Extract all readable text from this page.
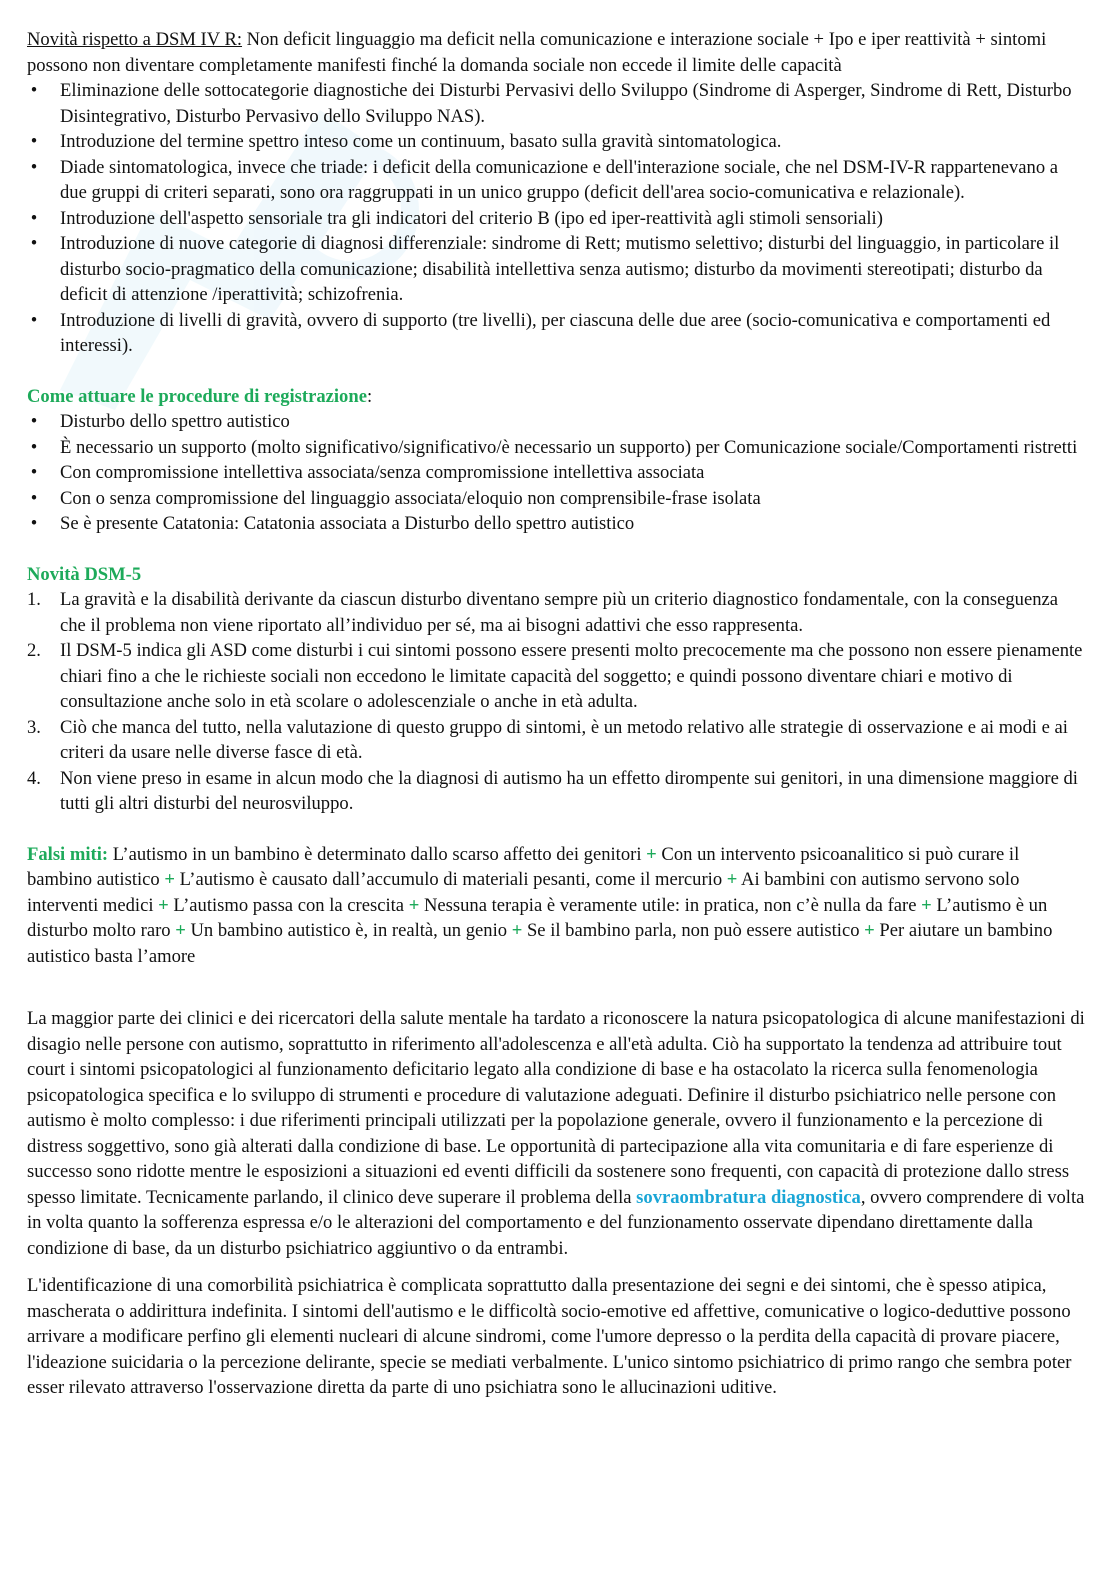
Novità rispetto a DSM IV R: Non deficit linguaggio ma deficit nella comunicazione e interazione sociale + Ipo e iper reattività + sintomi possono non diventare completamente manifesti finché la domanda sociale non eccede il limite delle capacità

• Eliminazione delle sottocategorie diagnostiche dei Disturbi Pervasivi dello Sviluppo (Sindrome di Asperger, Sindrome di Rett, Disturbo Disintegrativo, Disturbo Pervasivo dello Sviluppo NAS).
• Introduzione del termine spettro inteso come un continuum, basato sulla gravità sintomatologica.
• Diade sintomatologica, invece che triade: i deficit della comunicazione e dell'interazione sociale, che nel DSM-IV-R rappartenevano a due gruppi di criteri separati, sono ora raggruppati in un unico gruppo (deficit dell'area socio-comunicativa e relazionale).
• Introduzione dell'aspetto sensoriale tra gli indicatori del criterio B (ipo ed iper-reattività agli stimoli sensoriali)
• Introduzione di nuove categorie di diagnosi differenziale: sindrome di Rett; mutismo selettivo; disturbi del linguaggio, in particolare il disturbo socio-pragmatico della comunicazione; disabilità intellettiva senza autismo; disturbo da movimenti stereotipati; disturbo da deficit di attenzione /iperattività; schizofrenia.
• Introduzione di livelli di gravità, ovvero di supporto (tre livelli), per ciascuna delle due aree (socio-comunicativa e comportamenti ed interessi).

Come attuare le procedure di registrazione:

• Disturbo dello spettro autistico
• È necessario un supporto (molto significativo/significativo/è necessario un supporto) per Comunicazione sociale/Comportamenti ristretti
• Con compromissione intellettiva associata/senza compromissione intellettiva associata
• Con o senza compromissione del linguaggio associata/eloquio non comprensibile-frase isolata
• Se è presente Catatonia: Catatonia associata a Disturbo dello spettro autistico

Novità DSM-5

1. La gravità e la disabilità derivante da ciascun disturbo diventano sempre più un criterio diagnostico fondamentale, con la conseguenza che il problema non viene riportato all’individuo per sé, ma ai bisogni adattivi che esso rappresenta.
2. Il DSM-5 indica gli ASD come disturbi i cui sintomi possono essere presenti molto precocemente ma che possono non essere pienamente chiari fino a che le richieste sociali non eccedono le limitate capacità del soggetto; e quindi possono diventare chiari e motivo di consultazione anche solo in età scolare o adolescenziale o anche in età adulta.
3. Ciò che manca del tutto, nella valutazione di questo gruppo di sintomi, è un metodo relativo alle strategie di osservazione e ai modi e ai criteri da usare nelle diverse fasce di età.
4. Non viene preso in esame in alcun modo che la diagnosi di autismo ha un effetto dirompente sui genitori, in una dimensione maggiore di tutti gli altri disturbi del neurosviluppo.

Falsi miti: L’autismo in un bambino è determinato dallo scarso affetto dei genitori + Con un intervento psicoanalitico si può curare il bambino autistico + L’autismo è causato dall’accumulo di materiali pesanti, come il mercurio + Ai bambini con autismo servono solo interventi medici + L’autismo passa con la crescita + Nessuna terapia è veramente utile: in pratica, non c’è nulla da fare + L’autismo è un disturbo molto raro + Un bambino autistico è, in realtà, un genio + Se il bambino parla, non può essere autistico + Per aiutare un bambino autistico basta l’amore

La maggior parte dei clinici e dei ricercatori della salute mentale ha tardato a riconoscere la natura psicopatologica di alcune manifestazioni di disagio nelle persone con autismo, soprattutto in riferimento all'adolescenza e all'età adulta. Ciò ha supportato la tendenza ad attribuire tout court i sintomi psicopatologici al funzionamento deficitario legato alla condizione di base e ha ostacolato la ricerca sulla fenomenologia psicopatologica specifica e lo sviluppo di strumenti e procedure di valutazione adeguati. Definire il disturbo psichiatrico nelle persone con autismo è molto complesso: i due riferimenti principali utilizzati per la popolazione generale, ovvero il funzionamento e la percezione di distress soggettivo, sono già alterati dalla condizione di base. Le opportunità di partecipazione alla vita comunitaria e di fare esperienze di successo sono ridotte mentre le esposizioni a situazioni ed eventi difficili da sostenere sono frequenti, con capacità di protezione dallo stress spesso limitate. Tecnicamente parlando, il clinico deve superare il problema della sovraombratura diagnostica, ovvero comprendere di volta in volta quanto la sofferenza espressa e/o le alterazioni del comportamento e del funzionamento osservate dipendano direttamente dalla condizione di base, da un disturbo psichiatrico aggiuntivo o da entrambi.

L'identificazione di una comorbilità psichiatrica è complicata soprattutto dalla presentazione dei segni e dei sintomi, che è spesso atipica, mascherata o addirittura indefinita. I sintomi dell'autismo e le difficoltà socio-emotive ed affettive, comunicative o logico-deduttive possono arrivare a modificare perfino gli elementi nucleari di alcune sindromi, come l'umore depresso o la perdita della capacità di provare piacere, l'ideazione suicidaria o la percezione delirante, specie se mediati verbalmente. L'unico sintomo psichiatrico di primo rango che sembra poter esser rilevato attraverso l'osservazione diretta da parte di uno psichiatra sono le allucinazioni uditive.
